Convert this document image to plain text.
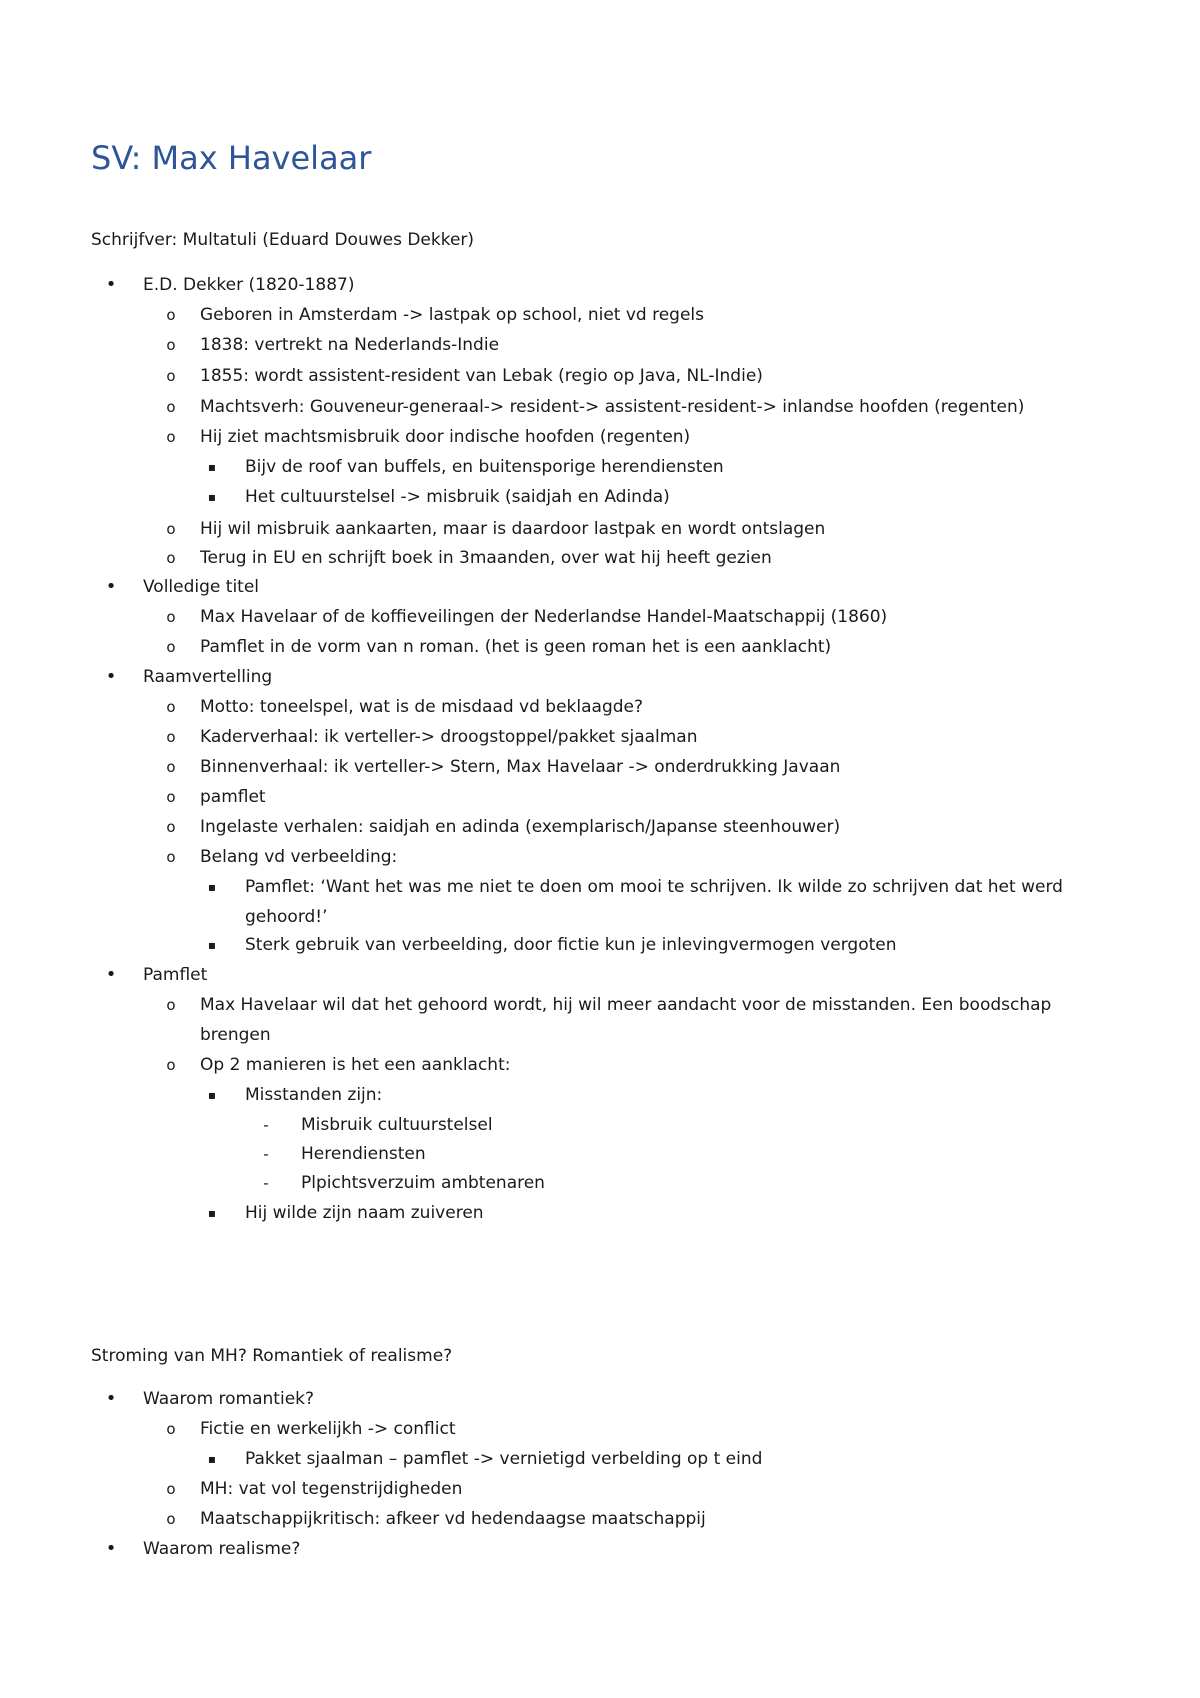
SV: Max Havelaar

Schrijfver: Multatuli (Eduard Douwes Dekker)

Stroming van MH? Romantiek of realisme?

• E.D. Dekker (1820-1887)
o Geboren in Amsterdam -> lastpak op school, niet vd regels
o 1838: vertrekt na Nederlands-Indie
o 1855: wordt assistent-resident van Lebak (regio op Java, NL-Indie)
o Machtsverh: Gouveneur-generaal-> resident-> assistent-resident-> inlandse hoofden (regenten)
o Hij ziet machtsmisbruik door indische hoofden (regenten)
▪ Bijv de roof van buffels, en buitensporige herendiensten
▪ Het cultuurstelsel -> misbruik (saidjah en Adinda)
o Hij wil misbruik aankaarten, maar is daardoor lastpak en wordt ontslagen
o Terug in EU en schrijft boek in 3maanden, over wat hij heeft gezien
• Volledige titel
o Max Havelaar of de koffieveilingen der Nederlandse Handel-Maatschappij (1860)
o Pamflet in de vorm van n roman. (het is geen roman het is een aanklacht)
• Raamvertelling
o Motto: toneelspel, wat is de misdaad vd beklaagde?
o Kaderverhaal: ik verteller-> droogstoppel/pakket sjaalman
o Binnenverhaal: ik verteller-> Stern, Max Havelaar -> onderdrukking Javaan
o pamflet
o Ingelaste verhalen: saidjah en adinda (exemplarisch/Japanse steenhouwer)
o Belang vd verbeelding:
▪ Pamflet: ‘Want het was me niet te doen om mooi te schrijven. Ik wilde zo schrijven dat het werd
gehoord!’
▪ Sterk gebruik van verbeelding, door fictie kun je inlevingvermogen vergoten
• Pamflet
o Max Havelaar wil dat het gehoord wordt, hij wil meer aandacht voor de misstanden. Een boodschap
brengen
o Op 2 manieren is het een aanklacht:
▪ Misstanden zijn:
- Misbruik cultuurstelsel
- Herendiensten
- Plpichtsverzuim ambtenaren
▪ Hij wilde zijn naam zuiveren
• Waarom romantiek?
o Fictie en werkelijkh -> conflict
▪ Pakket sjaalman – pamflet -> vernietigd verbelding op t eind
o MH: vat vol tegenstrijdigheden
o Maatschappijkritisch: afkeer vd hedendaagse maatschappij
• Waarom realisme?
